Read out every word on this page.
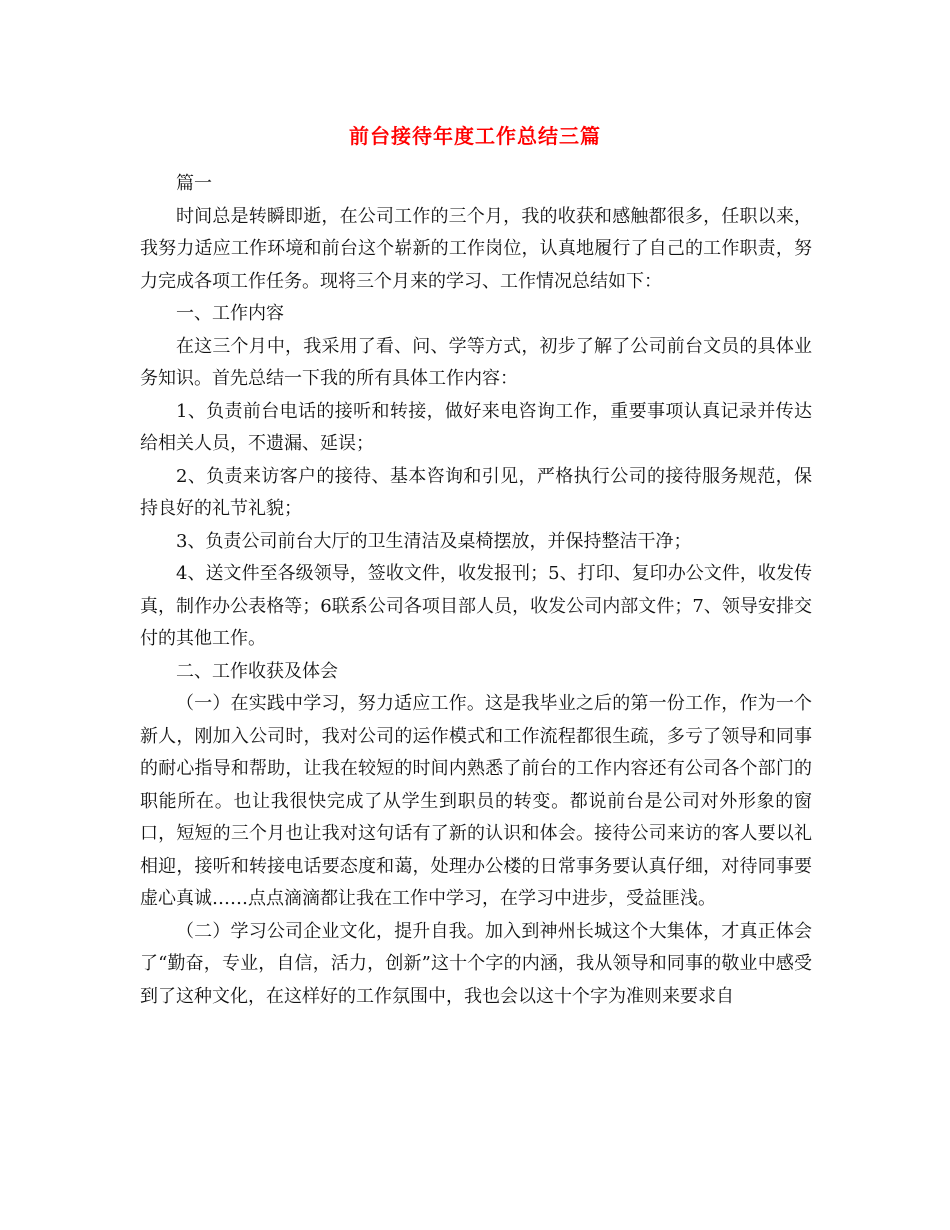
前台接待年度工作总结三篇

篇一

时间总是转瞬即逝，在公司工作的三个月，我的收获和感触都很多，任职以来，我努力适应工作环境和前台这个崭新的工作岗位，认真地履行了自己的工作职责，努力完成各项工作任务。现将三个月来的学习、工作情况总结如下：

一、工作内容

在这三个月中，我采用了看、问、学等方式，初步了解了公司前台文员的具体业务知识。首先总结一下我的所有具体工作内容：

1、负责前台电话的接听和转接，做好来电咨询工作，重要事项认真记录并传达给相关人员，不遗漏、延误；

2、负责来访客户的接待、基本咨询和引见，严格执行公司的接待服务规范，保持良好的礼节礼貌；

3、负责公司前台大厅的卫生清洁及桌椅摆放，并保持整洁干净；

4、送文件至各级领导，签收文件，收发报刊；5、打印、复印办公文件，收发传真，制作办公表格等；6联系公司各项目部人员，收发公司内部文件；7、领导安排交付的其他工作。

二、工作收获及体会

（一）在实践中学习，努力适应工作。这是我毕业之后的第一份工作，作为一个新人，刚加入公司时，我对公司的运作模式和工作流程都很生疏，多亏了领导和同事的耐心指导和帮助，让我在较短的时间内熟悉了前台的工作内容还有公司各个部门的职能所在。也让我很快完成了从学生到职员的转变。都说前台是公司对外形象的窗口，短短的三个月也让我对这句话有了新的认识和体会。接待公司来访的客人要以礼相迎，接听和转接电话要态度和蔼，处理办公楼的日常事务要认真仔细，对待同事要虚心真诚……点点滴滴都让我在工作中学习，在学习中进步，受益匪浅。

（二）学习公司企业文化，提升自我。加入到神州长城这个大集体，才真正体会了“勤奋，专业，自信，活力，创新”这十个字的内涵，我从领导和同事的敬业中感受到了这种文化，在这样好的工作氛围中，我也会以这十个字为准则来要求自
